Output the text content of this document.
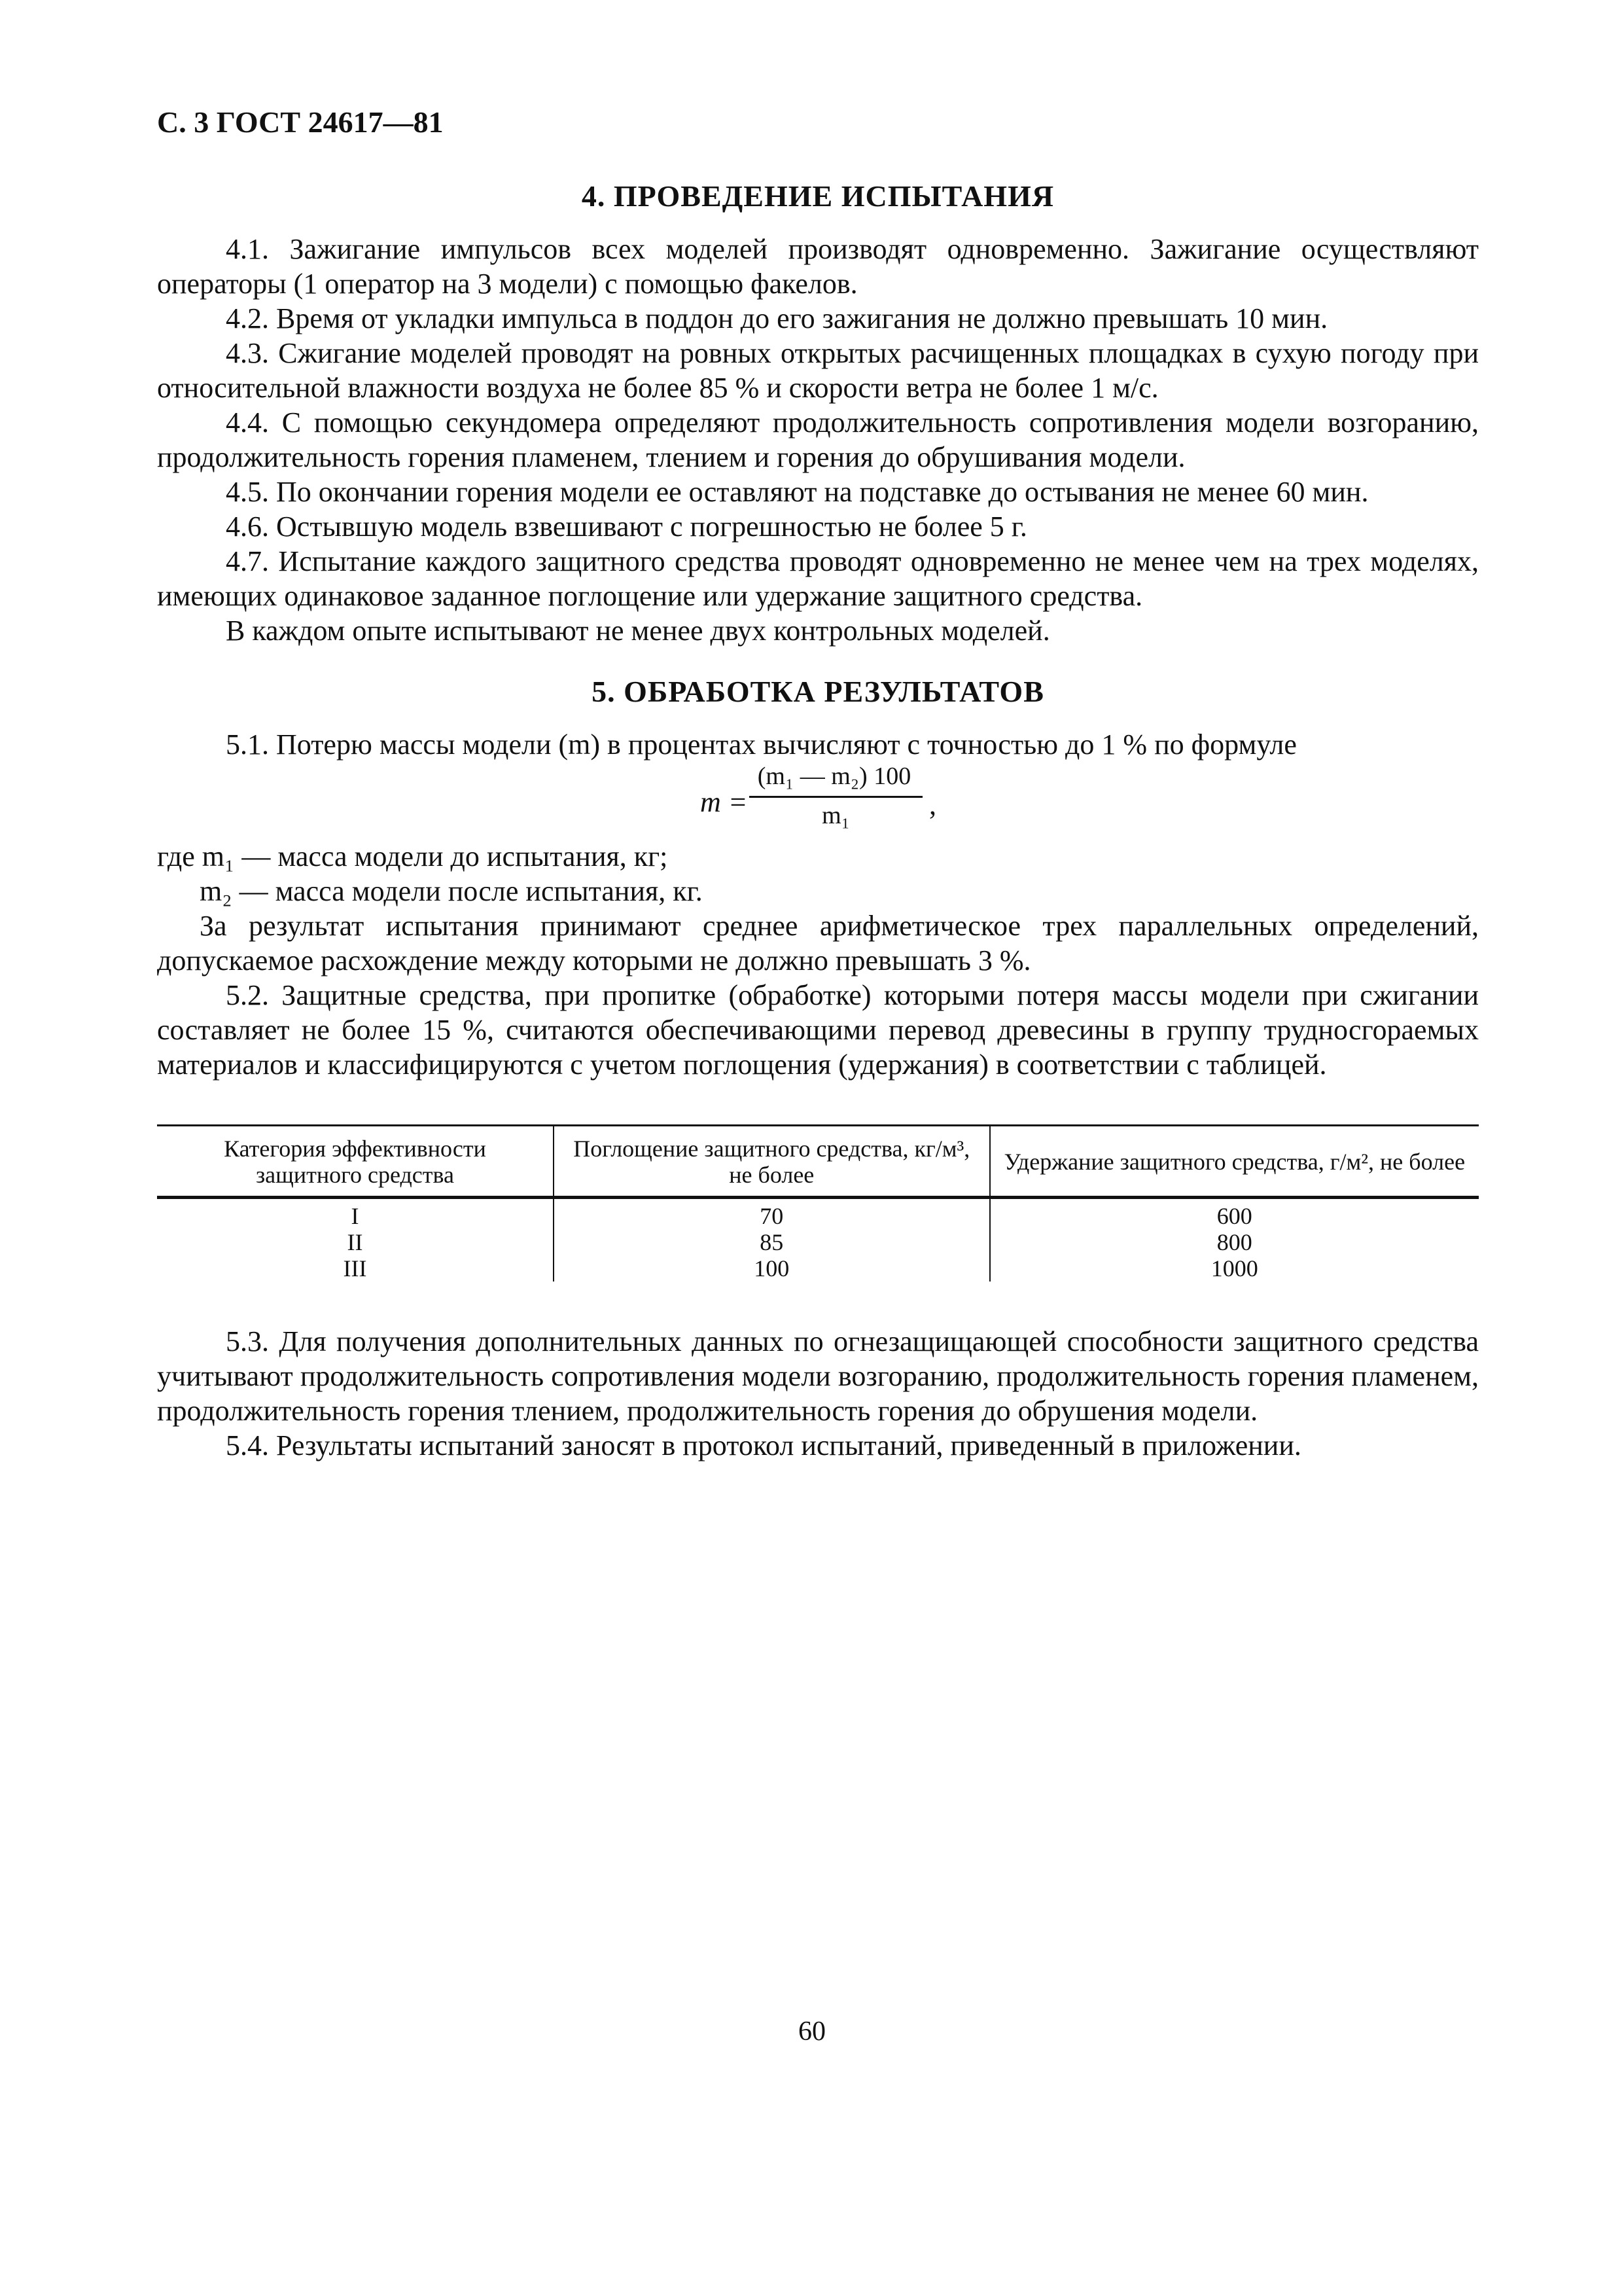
С. 3 ГОСТ 24617—81
4. ПРОВЕДЕНИЕ ИСПЫТАНИЯ

4.1. Зажигание импульсов всех моделей производят одновременно. Зажигание осуществляют операторы (1 оператор на 3 модели) с помощью факелов.

4.2. Время от укладки импульса в поддон до его зажигания не должно превышать 10 мин.

4.3. Сжигание моделей проводят на ровных открытых расчищенных площадках в сухую погоду при относительной влажности воздуха не более 85 % и скорости ветра не более 1 м/с.

4.4. С помощью секундомера определяют продолжительность сопротивления модели возгоранию, продолжительность горения пламенем, тлением и горения до обрушивания модели.

4.5. По окончании горения модели ее оставляют на подставке до остывания не менее 60 мин.

4.6. Остывшую модель взвешивают с погрешностью не более 5 г.

4.7. Испытание каждого защитного средства проводят одновременно не менее чем на трех моделях, имеющих одинаковое заданное поглощение или удержание защитного средства.

В каждом опыте испытывают не менее двух контрольных моделей.

5. ОБРАБОТКА РЕЗУЛЬТАТОВ

5.1. Потерю массы модели (m) в процентах вычисляют с точностью до 1 % по формуле

m =
(m₁ — m₂) 100
m₁	,
где m₁ — масса модели до испытания, кг;
m₂ — масса модели после испытания, кг.

За результат испытания принимают среднее арифметическое трех параллельных определений, допускаемое расхождение между которыми не должно превышать 3 %.

5.2. Защитные средства, при пропитке (обработке) которыми потеря массы модели при сжигании составляет не более 15 %, считаются обеспечивающими перевод древесины в группу трудносгораемых материалов и классифицируются с учетом поглощения (удержания) в соответствии с таблицей.

Категория эффективности защитного средства	Поглощение защитного средства, кг/м³, не более	Удержание защитного средства, г/м², не более
I	70	600
II	85	800
III	100	1000

5.3. Для получения дополнительных данных по огнезащищающей способности защитного средства учитывают продолжительность сопротивления модели возгоранию, продолжительность горения пламенем, продолжительность горения тлением, продолжительность горения до обрушения модели.

5.4. Результаты испытаний заносят в протокол испытаний, приведенный в приложении.

60
